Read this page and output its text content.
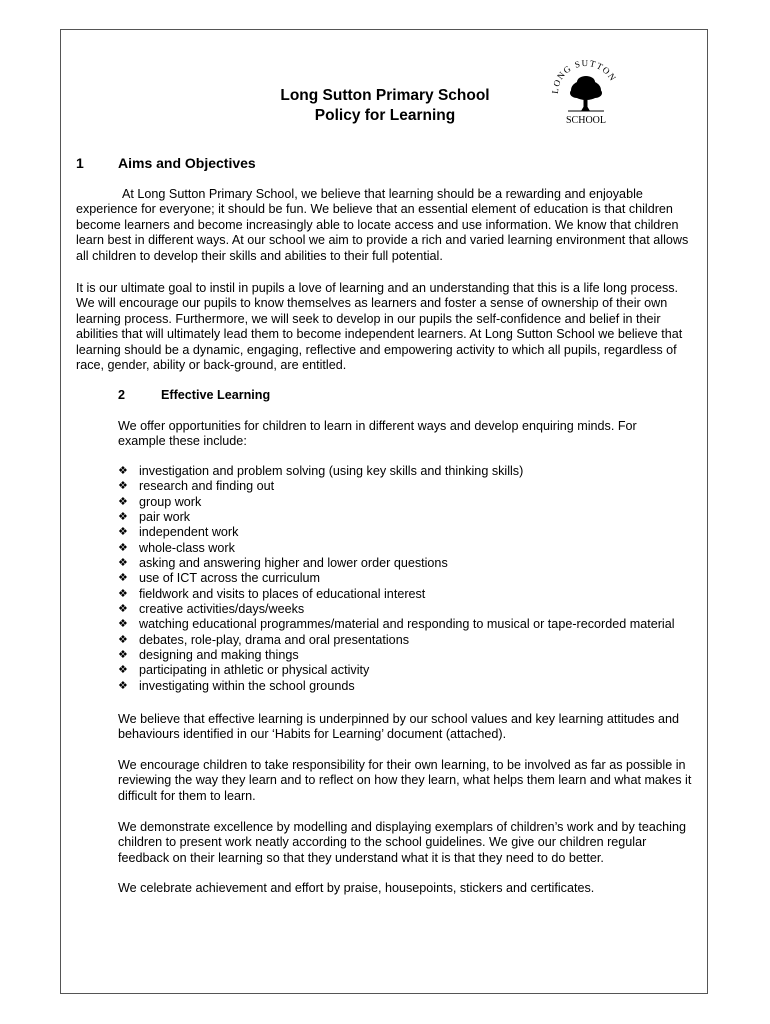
LONG SUTTON
SCHOOL
Long Sutton Primary School
Policy for Learning
1 Aims and Objectives

At Long Sutton Primary School, we believe that learning should be a rewarding and enjoyable experience for everyone; it should be fun. We believe that an essential element of education is that children become learners and become increasingly able to locate access and use information. We know that children learn best in different ways. At our school we aim to provide a rich and varied learning environment that allows all children to develop their skills and abilities to their full potential.

It is our ultimate goal to instil in pupils a love of learning and an understanding that this is a life long process. We will encourage our pupils to know themselves as learners and foster a sense of ownership of their own learning process. Furthermore, we will seek to develop in our pupils the self-confidence and belief in their abilities that will ultimately lead them to become independent learners. At Long Sutton School we believe that learning should be a dynamic, engaging, reflective and empowering activity to which all pupils, regardless of race, gender, ability or back-ground, are entitled.

2	Effective Learning

We offer opportunities for children to learn in different ways and develop enquiring minds. For example these include:

❖ investigation and problem solving (using key skills and thinking skills)
❖ research and finding out
❖ group work
❖ pair work
❖ independent work
❖ whole-class work
❖ asking and answering higher and lower order questions
❖ use of ICT across the curriculum
❖ fieldwork and visits to places of educational interest
❖ creative activities/days/weeks
❖ watching educational programmes/material and responding to musical or tape-recorded material
❖ debates, role-play, drama and oral presentations
❖ designing and making things
❖ participating in athletic or physical activity
❖ investigating within the school grounds

We believe that effective learning is underpinned by our school values and key learning attitudes and behaviours identified in our ‘Habits for Learning’ document (attached).

We encourage children to take responsibility for their own learning, to be involved as far as possible in reviewing the way they learn and to reflect on how they learn, what helps them learn and what makes it difficult for them to learn.

We demonstrate excellence by modelling and displaying exemplars of children’s work and by teaching children to present work neatly according to the school guidelines. We give our children regular feedback on their learning so that they understand what it is that they need to do better.

We celebrate achievement and effort by praise, housepoints, stickers and certificates.
